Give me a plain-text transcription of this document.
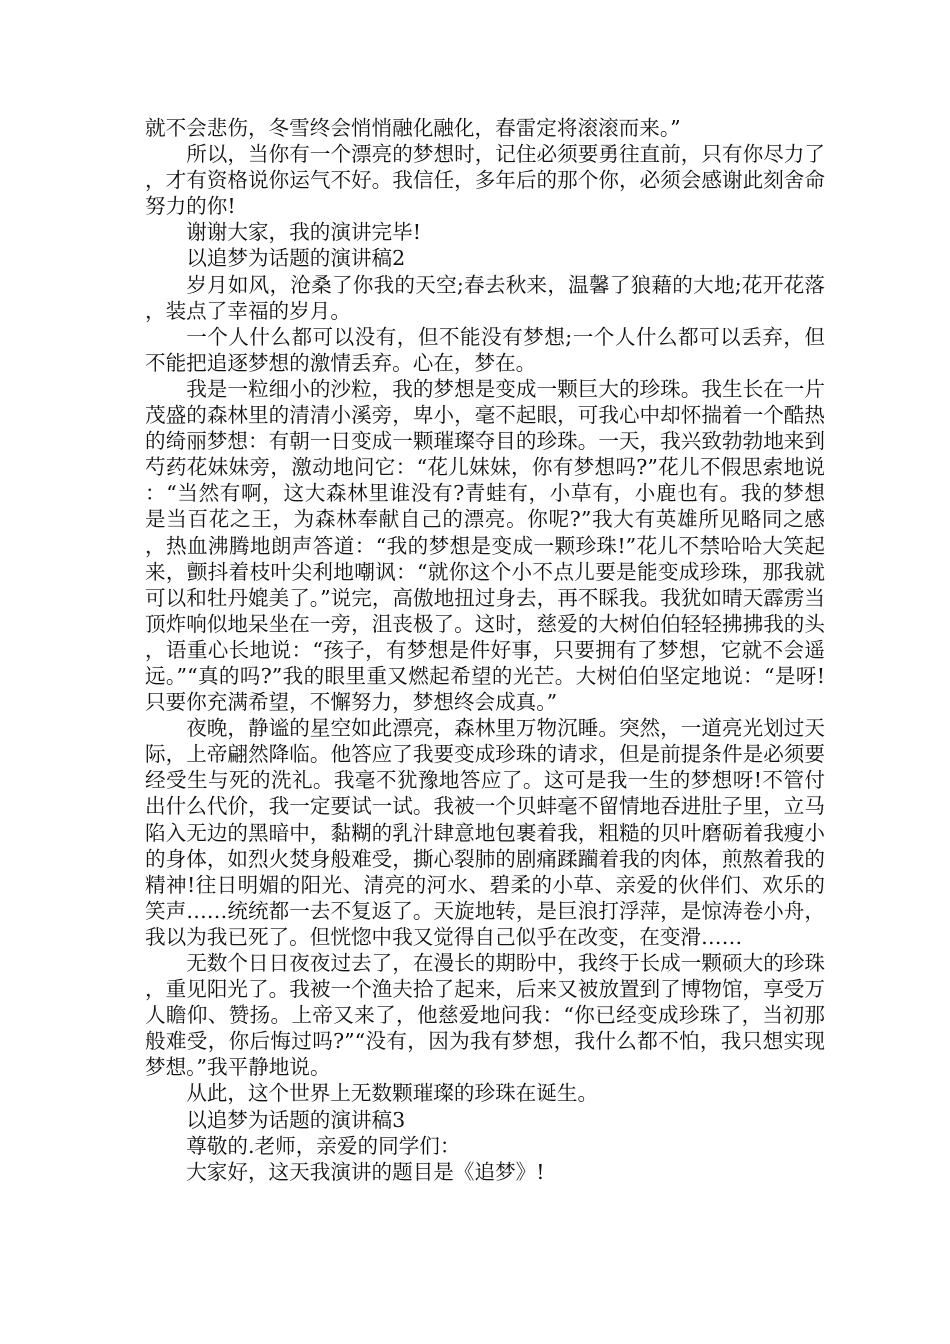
就不会悲伤，冬雪终会悄悄融化融化，春雷定将滚滚而来。”

所以，当你有一个漂亮的梦想时，记住必须要勇往直前，只有你尽力了，才有资格说你运气不好。我信任，多年后的那个你，必须会感谢此刻舍命努力的你!

谢谢大家，我的演讲完毕!

以追梦为话题的演讲稿2

岁月如风，沧桑了你我的天空;春去秋来，温馨了狼藉的大地;花开花落，装点了幸福的岁月。

一个人什么都可以没有，但不能没有梦想;一个人什么都可以丢弃，但不能把追逐梦想的激情丢弃。心在，梦在。

我是一粒细小的沙粒，我的梦想是变成一颗巨大的珍珠。我生长在一片茂盛的森林里的清清小溪旁，卑小，毫不起眼，可我心中却怀揣着一个酷热的绮丽梦想：有朝一日变成一颗璀璨夺目的珍珠。一天，我兴致勃勃地来到芍药花妹妹旁，激动地问它：“花儿妹妹，你有梦想吗?”花儿不假思索地说：“当然有啊，这大森林里谁没有?青蛙有，小草有，小鹿也有。我的梦想是当百花之王，为森林奉献自己的漂亮。你呢?”我大有英雄所见略同之感，热血沸腾地朗声答道：“我的梦想是变成一颗珍珠!”花儿不禁哈哈大笑起来，颤抖着枝叶尖利地嘲讽：“就你这个小不点儿要是能变成珍珠，那我就可以和牡丹媲美了。”说完，高傲地扭过身去，再不睬我。我犹如晴天霹雳当顶炸响似地呆坐在一旁，沮丧极了。这时，慈爱的大树伯伯轻轻拂拂我的头，语重心长地说：“孩子，有梦想是件好事，只要拥有了梦想，它就不会遥远。”“真的吗?”我的眼里重又燃起希望的光芒。大树伯伯坚定地说：“是呀!只要你充满希望，不懈努力，梦想终会成真。”

夜晚，静谧的星空如此漂亮，森林里万物沉睡。突然，一道亮光划过天际，上帝翩然降临。他答应了我要变成珍珠的请求，但是前提条件是必须要经受生与死的洗礼。我毫不犹豫地答应了。这可是我一生的梦想呀!不管付出什么代价，我一定要试一试。我被一个贝蚌毫不留情地吞进肚子里，立马陷入无边的黑暗中，黏糊的乳汁肆意地包裹着我，粗糙的贝叶磨砺着我瘦小的身体，如烈火焚身般难受，撕心裂肺的剧痛蹂躏着我的肉体，煎熬着我的精神!往日明媚的阳光、清亮的河水、碧柔的小草、亲爱的伙伴们、欢乐的笑声……统统都一去不复返了。天旋地转，是巨浪打浮萍，是惊涛卷小舟，我以为我已死了。但恍惚中我又觉得自己似乎在改变，在变滑……

无数个日日夜夜过去了，在漫长的期盼中，我终于长成一颗硕大的珍珠，重见阳光了。我被一个渔夫拾了起来，后来又被放置到了博物馆，享受万人瞻仰、赞扬。上帝又来了，他慈爱地问我：“你已经变成珍珠了，当初那般难受，你后悔过吗?”“没有，因为我有梦想，我什么都不怕，我只想实现梦想。”我平静地说。

从此，这个世界上无数颗璀璨的珍珠在诞生。

以追梦为话题的演讲稿3

尊敬的.老师，亲爱的同学们：

大家好，这天我演讲的题目是《追梦》!
